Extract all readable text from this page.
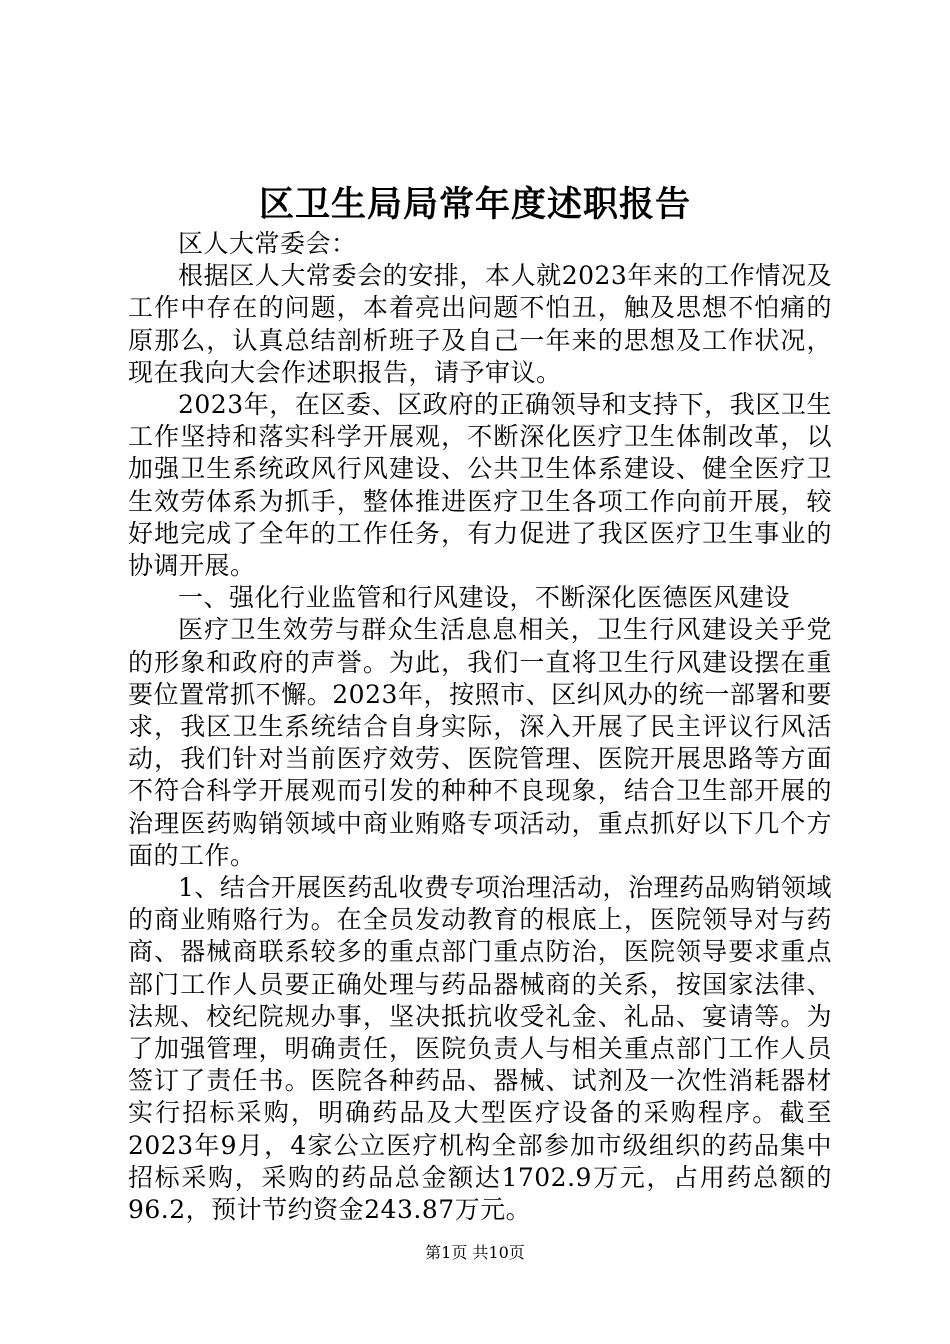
区卫生局局常年度述职报告

区人大常委会：

根据区人大常委会的安排，本人就2023年来的工作情况及工作中存在的问题，本着亮出问题不怕丑，触及思想不怕痛的原那么，认真总结剖析班子及自己一年来的思想及工作状况，现在我向大会作述职报告，请予审议。

2023年，在区委、区政府的正确领导和支持下，我区卫生工作坚持和落实科学开展观，不断深化医疗卫生体制改革，以加强卫生系统政风行风建设、公共卫生体系建设、健全医疗卫生效劳体系为抓手，整体推进医疗卫生各项工作向前开展，较好地完成了全年的工作任务，有力促进了我区医疗卫生事业的协调开展。

一、强化行业监管和行风建设，不断深化医德医风建设

医疗卫生效劳与群众生活息息相关，卫生行风建设关乎党的形象和政府的声誉。为此，我们一直将卫生行风建设摆在重要位置常抓不懈。2023年，按照市、区纠风办的统一部署和要求，我区卫生系统结合自身实际，深入开展了民主评议行风活动，我们针对当前医疗效劳、医院管理、医院开展思路等方面不符合科学开展观而引发的种种不良现象，结合卫生部开展的治理医药购销领域中商业贿赂专项活动，重点抓好以下几个方面的工作。

1、结合开展医药乱收费专项治理活动，治理药品购销领域的商业贿赂行为。在全员发动教育的根底上，医院领导对与药商、器械商联系较多的重点部门重点防治，医院领导要求重点部门工作人员要正确处理与药品器械商的关系，按国家法律、法规、校纪院规办事，坚决抵抗收受礼金、礼品、宴请等。为了加强管理，明确责任，医院负责人与相关重点部门工作人员签订了责任书。医院各种药品、器械、试剂及一次性消耗器材实行招标采购，明确药品及大型医疗设备的采购程序。截至2023年9月，4家公立医疗机构全部参加市级组织的药品集中招标采购，采购的药品总金额达1702.9万元，占用药总额的96.2，预计节约资金243.87万元。

第1页 共10页
